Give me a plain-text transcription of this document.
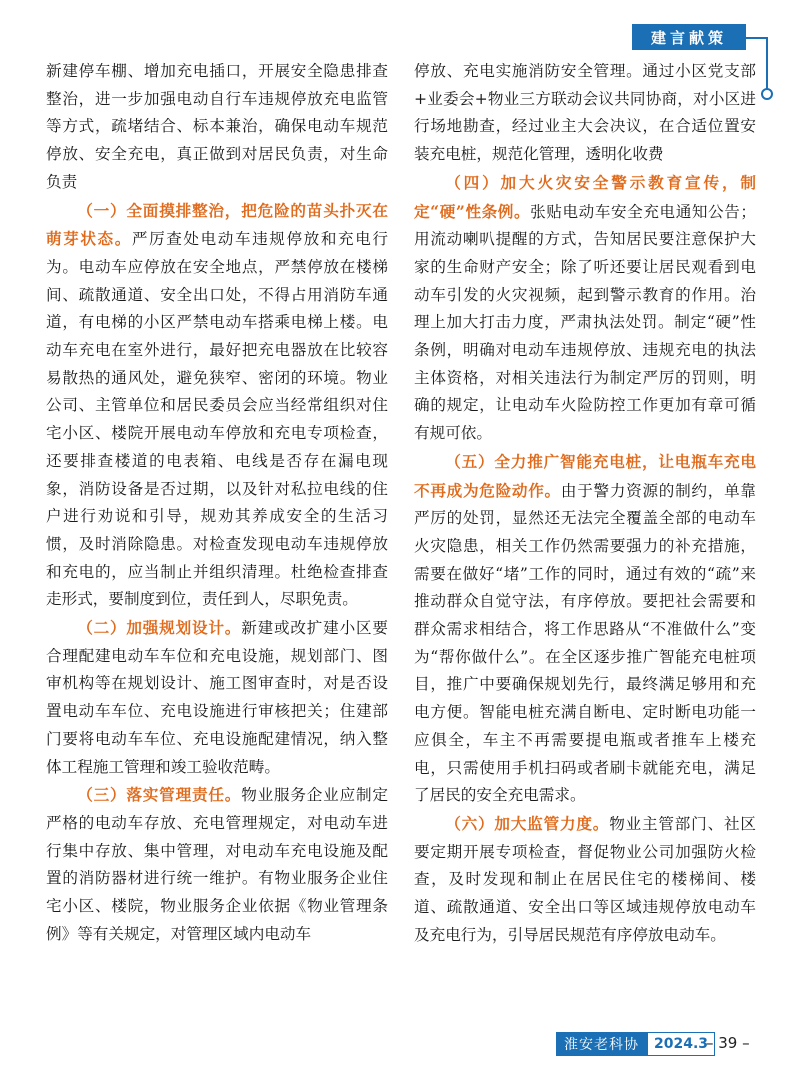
建言献策

新建停车棚、增加充电插口，开展安全隐患排查整治，进一步加强电动自行车违规停放充电监管等方式，疏堵结合、标本兼治，确保电动车规范停放、安全充电，真正做到对居民负责，对生命负责

（一）全面摸排整治，把危险的苗头扑灭在萌芽状态。严厉查处电动车违规停放和充电行为。电动车应停放在安全地点，严禁停放在楼梯间、疏散通道、安全出口处，不得占用消防车通道，有电梯的小区严禁电动车搭乘电梯上楼。电动车充电在室外进行，最好把充电器放在比较容易散热的通风处，避免狭窄、密闭的环境。物业公司、主管单位和居民委员会应当经常组织对住宅小区、楼院开展电动车停放和充电专项检查，还要排查楼道的电表箱、电线是否存在漏电现象，消防设备是否过期，以及针对私拉电线的住户进行劝说和引导，规劝其养成安全的生活习惯，及时消除隐患。对检查发现电动车违规停放和充电的，应当制止并组织清理。杜绝检查排查走形式，要制度到位，责任到人，尽职免责。

（二）加强规划设计。新建或改扩建小区要合理配建电动车车位和充电设施，规划部门、图审机构等在规划设计、施工图审查时，对是否设置电动车车位、充电设施进行审核把关；住建部门要将电动车车位、充电设施配建情况，纳入整体工程施工管理和竣工验收范畴。

（三）落实管理责任。物业服务企业应制定严格的电动车存放、充电管理规定，对电动车进行集中存放、集中管理，对电动车充电设施及配置的消防器材进行统一维护。有物业服务企业住宅小区、楼院，物业服务企业依据《物业管理条例》等有关规定，对管理区域内电动车

停放、充电实施消防安全管理。通过小区党支部+业委会+物业三方联动会议共同协商，对小区进行场地勘查，经过业主大会决议，在合适位置安装充电桩，规范化管理，透明化收费

（四）加大火灾安全警示教育宣传，制定“硬”性条例。张贴电动车安全充电通知公告；用流动喇叭提醒的方式，告知居民要注意保护大家的生命财产安全；除了听还要让居民观看到电动车引发的火灾视频，起到警示教育的作用。治理上加大打击力度，严肃执法处罚。制定“硬”性条例，明确对电动车违规停放、违规充电的执法主体资格，对相关违法行为制定严厉的罚则，明确的规定，让电动车火险防控工作更加有章可循有规可依。

（五）全力推广智能充电桩，让电瓶车充电不再成为危险动作。由于警力资源的制约，单靠严厉的处罚，显然还无法完全覆盖全部的电动车火灾隐患，相关工作仍然需要强力的补充措施，需要在做好“堵”工作的同时，通过有效的“疏”来推动群众自觉守法，有序停放。要把社会需要和群众需求相结合，将工作思路从“不准做什么”变为“帮你做什么”。在全区逐步推广智能充电桩项目，推广中要确保规划先行，最终满足够用和充电方便。智能电桩充满自断电、定时断电功能一应俱全，车主不再需要提电瓶或者推车上楼充电，只需使用手机扫码或者刷卡就能充电，满足了居民的安全充电需求。

（六）加大监管力度。物业主管部门、社区要定期开展专项检查，督促物业公司加强防火检查，及时发现和制止在居民住宅的楼梯间、楼道、疏散通道、安全出口等区域违规停放电动车及充电行为，引导居民规范有序停放电动车。

淮安老科协	2024.3
– 39 –
